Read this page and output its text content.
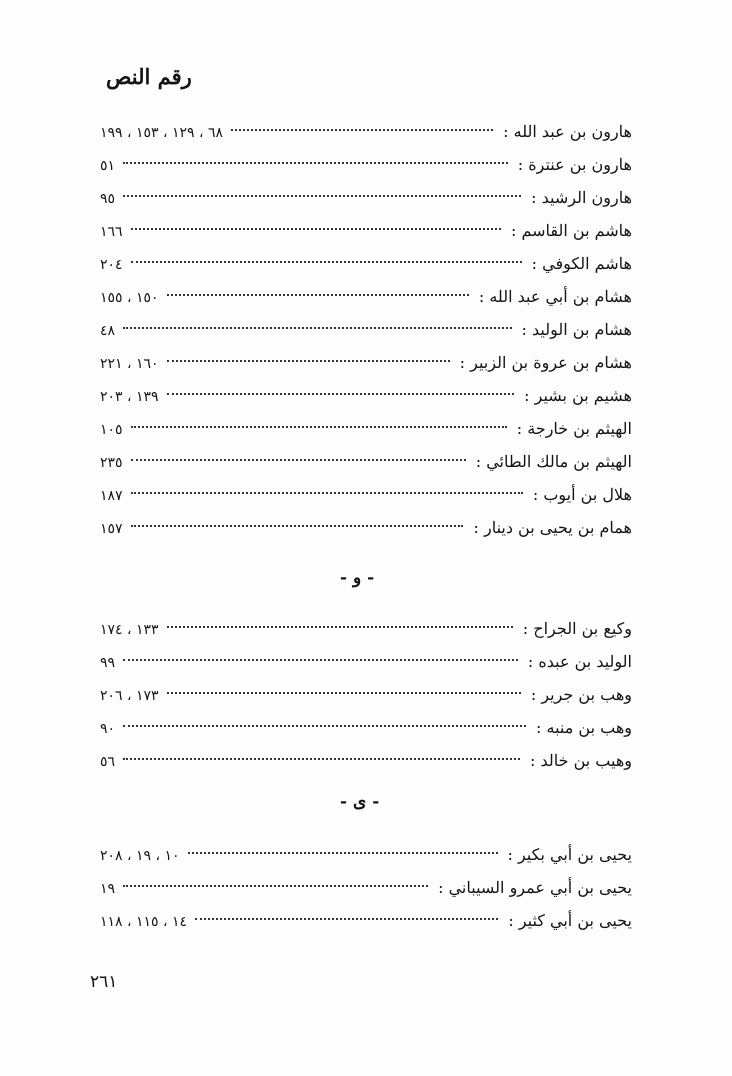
رقم النص
هارون بن عبد الله :
٦٨ ، ١٢٩ ، ١٥٣ ، ١٩٩
هارون بن عنترة :
٥١
هارون الرشيد :
٩٥
هاشم بن القاسم :
١٦٦
هاشم الكوفي :
٢٠٤
هشام بن أبي عبد الله :
١٥٠ ، ١٥٥
هشام بن الوليد :
٤٨
هشام بن عروة بن الزبير :
١٦٠ ، ٢٢١
هشيم بن بشير :
١٣٩ ، ٢٠٣
الهيثم بن خارجة :
١٠٥
الهيثم بن مالك الطائي :
٢٣٥
هلال بن أيوب :
١٨٧
همام بن يحيى بن دينار :
١٥٧
- و -
وكيع بن الجراح :
١٣٣ ، ١٧٤
الوليد بن عبده :
٩٩
وهب بن جرير :
١٧٣ ، ٢٠٦
وهب بن منبه :
٩٠
وهيب بن خالد :
٥٦
- ى -
يحيى بن أبي بكير :
١٠ ، ١٩ ، ٢٠٨
يحيى بن أبي عمرو السيباني :
١٩
يحيى بن أبي كثير :
١٤ ، ١١٥ ، ١١٨
٢٦١
